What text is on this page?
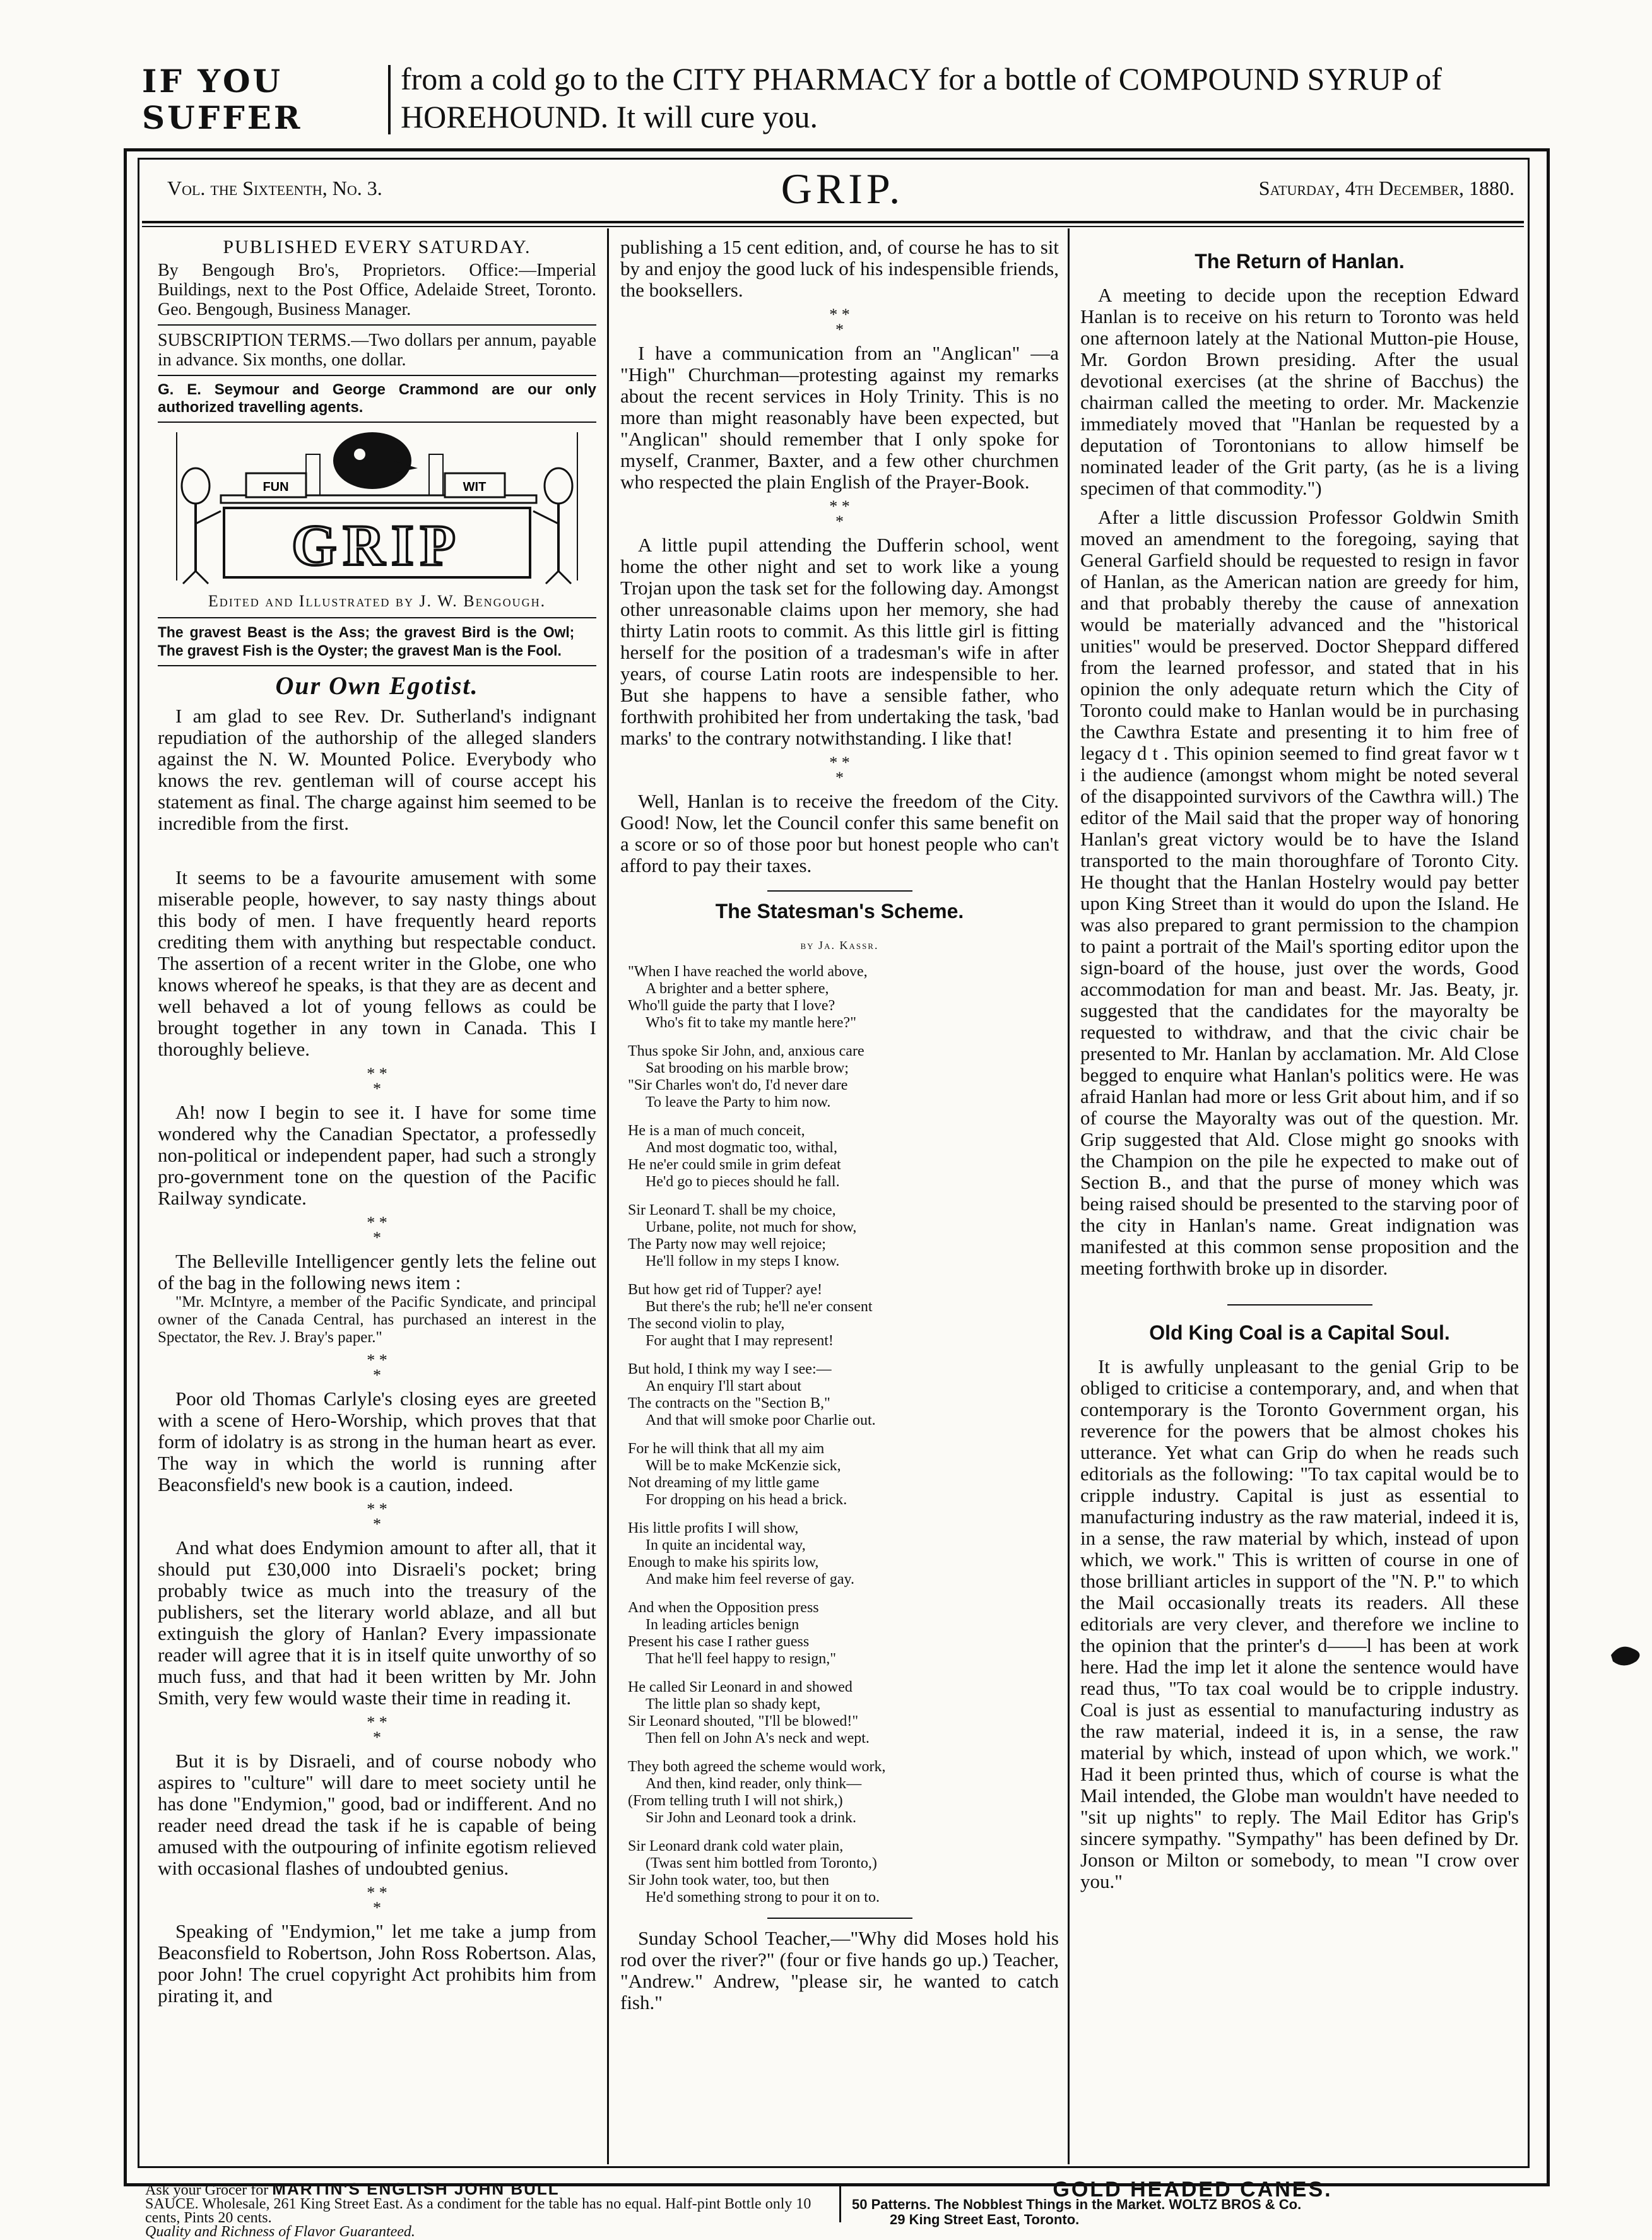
IF YOU
SUFFER
from a cold go to the CITY PHARMACY for a bottle of COMPOUND SYRUP of HOREHOUND. It will cure you.
Vol. the Sixteenth, No. 3.	GRIP.	Saturday, 4th December, 1880.
PUBLISHED EVERY SATURDAY.
By Bengough Bro's, Proprietors. Office:—Imperial Buildings, next to the Post Office, Adelaide Street, Toronto. Geo. Bengough, Business Manager.
SUBSCRIPTION TERMS.—Two dollars per annum, payable in advance. Six months, one dollar.
G. E. Seymour and George Crammond are our only authorized travelling agents.
FUN	WIT
GRIP
Edited and Illustrated by J. W. Bengough.
The gravest Beast is the Ass; the gravest Bird is the Owl; The gravest Fish is the Oyster; the gravest Man is the Fool.
Our Own Egotist.

I am glad to see Rev. Dr. Sutherland's indignant repudiation of the authorship of the alleged slanders against the N. W. Mounted Police. Everybody who knows the rev. gentleman will of course accept his statement as final. The charge against him seemed to be incredible from the first.

It seems to be a favourite amusement with some miserable people, however, to say nasty things about this body of men. I have frequently heard reports crediting them with anything but respectable conduct. The assertion of a recent writer in the Globe, one who knows whereof he speaks, is that they are as decent and well behaved a lot of young fellows as could be brought together in any town in Canada. This I thoroughly believe.

* *
*

Ah! now I begin to see it. I have for some time wondered why the Canadian Spectator, a professedly non-political or independent paper, had such a strongly pro-government tone on the question of the Pacific Railway syndicate.

* *
*

The Belleville Intelligencer gently lets the feline out of the bag in the following news item :

"Mr. McIntyre, a member of the Pacific Syndicate, and principal owner of the Canada Central, has purchased an interest in the Spectator, the Rev. J. Bray's paper."

* *
*

Poor old Thomas Carlyle's closing eyes are greeted with a scene of Hero-Worship, which proves that that form of idolatry is as strong in the human heart as ever. The way in which the world is running after Beaconsfield's new book is a caution, indeed.

* *
*

And what does Endymion amount to after all, that it should put £30,000 into Disraeli's pocket; bring probably twice as much into the treasury of the publishers, set the literary world ablaze, and all but extinguish the glory of Hanlan? Every impassionate reader will agree that it is in itself quite unworthy of so much fuss, and that had it been written by Mr. John Smith, very few would waste their time in reading it.

* *
*

But it is by Disraeli, and of course nobody who aspires to "culture" will dare to meet society until he has done "Endymion," good, bad or indifferent. And no reader need dread the task if he is capable of being amused with the outpouring of infinite egotism relieved with occasional flashes of undoubted genius.

* *
*

Speaking of "Endymion," let me take a jump from Beaconsfield to Robertson, John Ross Robertson. Alas, poor John! The cruel copyright Act prohibits him from pirating it, and

publishing a 15 cent edition, and, of course he has to sit by and enjoy the good luck of his indespensible friends, the booksellers.

* *
*

I have a communication from an "Anglican" —a "High" Churchman—protesting against my remarks about the recent services in Holy Trinity. This is no more than might reasonably have been expected, but "Anglican" should remember that I only spoke for myself, Cranmer, Baxter, and a few other churchmen who respected the plain English of the Prayer-Book.

* *
*

A little pupil attending the Dufferin school, went home the other night and set to work like a young Trojan upon the task set for the following day. Amongst other unreasonable claims upon her memory, she had thirty Latin roots to commit. As this little girl is fitting herself for the position of a tradesman's wife in after years, of course Latin roots are indespensible to her. But she happens to have a sensible father, who forthwith prohibited her from undertaking the task, 'bad marks' to the contrary notwithstanding. I like that!

* *
*

Well, Hanlan is to receive the freedom of the City. Good! Now, let the Council confer this same benefit on a score or so of those poor but honest people who can't afford to pay their taxes.

The Statesman's Scheme.
by Ja. Kassr.
"When I have reached the world above,
A brighter and a better sphere,
Who'll guide the party that I love?
Who's fit to take my mantle here?"
Thus spoke Sir John, and, anxious care
Sat brooding on his marble brow;
"Sir Charles won't do, I'd never dare
To leave the Party to him now.
He is a man of much conceit,
And most dogmatic too, withal,
He ne'er could smile in grim defeat
He'd go to pieces should he fall.
Sir Leonard T. shall be my choice,
Urbane, polite, not much for show,
The Party now may well rejoice;
He'll follow in my steps I know.
But how get rid of Tupper? aye!
But there's the rub; he'll ne'er consent
The second violin to play,
For aught that I may represent!
But hold, I think my way I see:—
An enquiry I'll start about
The contracts on the "Section B,"
And that will smoke poor Charlie out.
For he will think that all my aim
Will be to make McKenzie sick,
Not dreaming of my little game
For dropping on his head a brick.
His little profits I will show,
In quite an incidental way,
Enough to make his spirits low,
And make him feel reverse of gay.
And when the Opposition press
In leading articles benign
Present his case I rather guess
That he'll feel happy to resign,"
He called Sir Leonard in and showed
The little plan so shady kept,
Sir Leonard shouted, "I'll be blowed!"
Then fell on John A's neck and wept.
They both agreed the scheme would work,
And then, kind reader, only think—
(From telling truth I will not shirk,)
Sir John and Leonard took a drink.
Sir Leonard drank cold water plain,
(Twas sent him bottled from Toronto,)
Sir John took water, too, but then
He'd something strong to pour it on to.

Sunday School Teacher,—"Why did Moses hold his rod over the river?" (four or five hands go up.) Teacher, "Andrew." Andrew, "please sir, he wanted to catch fish."

The Return of Hanlan.

A meeting to decide upon the reception Edward Hanlan is to receive on his return to Toronto was held one afternoon lately at the National Mutton-pie House, Mr. Gordon Brown presiding. After the usual devotional exercises (at the shrine of Bacchus) the chairman called the meeting to order. Mr. Mackenzie immediately moved that "Hanlan be requested by a deputation of Torontonians to allow himself be nominated leader of the Grit party, (as he is a living specimen of that commodity.")

After a little discussion Professor Goldwin Smith moved an amendment to the foregoing, saying that General Garfield should be requested to resign in favor of Hanlan, as the American nation are greedy for him, and that probably thereby the cause of annexation would be materially advanced and the "historical unities" would be preserved. Doctor Sheppard differed from the learned professor, and stated that in his opinion the only adequate return which the City of Toronto could make to Hanlan would be in purchasing the Cawthra Estate and presenting it to him free of legacy d t . This opinion seemed to find great favor w t i the audience (amongst whom might be noted several of the disappointed survivors of the Cawthra will.) The editor of the Mail said that the proper way of honoring Hanlan's great victory would be to have the Island transported to the main thoroughfare of Toronto City. He thought that the Hanlan Hostelry would pay better upon King Street than it would do upon the Island. He was also prepared to grant permission to the champion to paint a portrait of the Mail's sporting editor upon the sign-board of the house, just over the words, Good accommodation for man and beast. Mr. Jas. Beaty, jr. suggested that the candidates for the mayoralty be requested to withdraw, and that the civic chair be presented to Mr. Hanlan by acclamation. Mr. Ald Close begged to enquire what Hanlan's politics were. He was afraid Hanlan had more or less Grit about him, and if so of course the Mayoralty was out of the question. Mr. Grip suggested that Ald. Close might go snooks with the Champion on the pile he expected to make out of Section B., and that the purse of money which was being raised should be presented to the starving poor of the city in Hanlan's name. Great indignation was manifested at this common sense proposition and the meeting forthwith broke up in disorder.

Old King Coal is a Capital Soul.

It is awfully unpleasant to the genial Grip to be obliged to criticise a contemporary, and, and when that contemporary is the Toronto Government organ, his reverence for the powers that be almost chokes his utterance. Yet what can Grip do when he reads such editorials as the following: "To tax capital would be to cripple industry. Capital is just as essential to manufacturing industry as the raw material, indeed it is, in a sense, the raw material by which, instead of upon which, we work." This is written of course in one of those brilliant articles in support of the "N. P." to which the Mail occasionally treats its readers. All these editorials are very clever, and therefore we incline to the opinion that the printer's d——l has been at work here. Had the imp let it alone the sentence would have read thus, "To tax coal would be to cripple industry. Coal is just as essential to manufacturing industry as the raw material, indeed it is, in a sense, the raw material by which, instead of upon which, we work." Had it been printed thus, which of course is what the Mail intended, the Globe man wouldn't have needed to "sit up nights" to reply. The Mail Editor has Grip's sincere sympathy. "Sympathy" has been defined by Dr. Jonson or Milton or somebody, to mean "I crow over you."

Ask your Grocer for MARTIN'S ENGLISH JOHN BULL
SAUCE. Wholesale, 261 King Street East. As a condiment for the table has no equal. Half-pint Bottle only 10 cents, Pints 20 cents.
Quality and Richness of Flavor Guaranteed.
GOLD HEADED CANES.
50 Patterns. The Nobblest Things in the Market. WOLTZ BROS & Co.
29 King Street East, Toronto.
